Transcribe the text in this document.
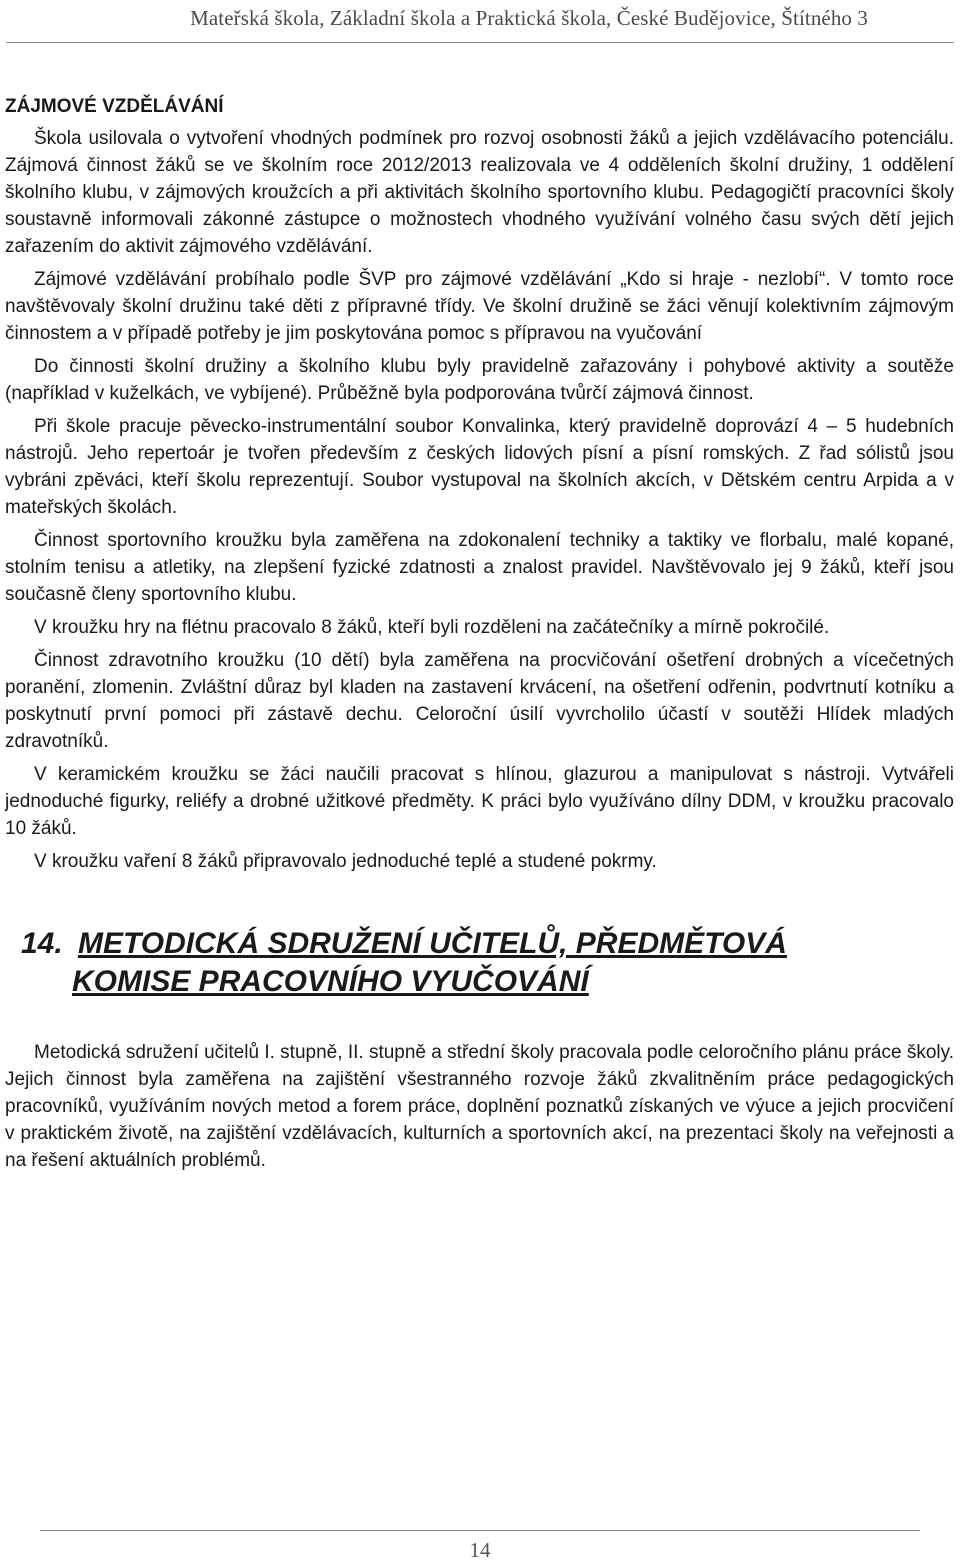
Mateřská škola, Základní škola a Praktická škola, České Budějovice, Štítného 3
ZÁJMOVÉ VZDĚLÁVÁNÍ

Škola usilovala o vytvoření vhodných podmínek pro rozvoj osobnosti žáků a jejich vzdělávacího potenciálu. Zájmová činnost žáků se ve školním roce 2012/2013 realizovala ve 4 odděleních školní družiny, 1 oddělení školního klubu, v zájmových kroužcích a při aktivitách školního sportovního klubu. Pedagogičtí pracovníci školy soustavně informovali zákonné zástupce o možnostech vhodného využívání volného času svých dětí jejich zařazením do aktivit zájmového vzdělávání.

Zájmové vzdělávání probíhalo podle ŠVP pro zájmové vzdělávání „Kdo si hraje - nezlobí“. V tomto roce navštěvovaly školní družinu také děti z přípravné třídy. Ve školní družině se žáci věnují kolektivním zájmovým činnostem a v případě potřeby je jim poskytována pomoc s přípravou na vyučování

Do činnosti školní družiny a školního klubu byly pravidelně zařazovány i pohybové aktivity a soutěže (například v kuželkách, ve vybíjené). Průběžně byla podporována tvůrčí zájmová činnost.

Při škole pracuje pěvecko-instrumentální soubor Konvalinka, který pravidelně doprovází 4 – 5 hudebních nástrojů. Jeho repertoár je tvořen především z českých lidových písní a písní romských. Z řad sólistů jsou vybráni zpěváci, kteří školu reprezentují. Soubor vystupoval na školních akcích, v Dětském centru Arpida a v mateřských školách.

Činnost sportovního kroužku byla zaměřena na zdokonalení techniky a taktiky ve florbalu, malé kopané, stolním tenisu a atletiky, na zlepšení fyzické zdatnosti a znalost pravidel. Navštěvovalo jej 9 žáků, kteří jsou současně členy sportovního klubu.

V kroužku hry na flétnu pracovalo 8 žáků, kteří byli rozděleni na začátečníky a mírně pokročilé.

Činnost zdravotního kroužku (10 dětí) byla zaměřena na procvičování ošetření drobných a vícečetných poranění, zlomenin. Zvláštní důraz byl kladen na zastavení krvácení, na ošetření odřenin, podvrtnutí kotníku a poskytnutí první pomoci při zástavě dechu. Celoroční úsilí vyvrcholilo účastí v soutěži Hlídek mladých zdravotníků.

V keramickém kroužku se žáci naučili pracovat s hlínou, glazurou a manipulovat s nástroji. Vytvářeli jednoduché figurky, reliéfy a drobné užitkové předměty. K práci bylo využíváno dílny DDM, v kroužku pracovalo 10 žáků.

V kroužku vaření 8 žáků připravovalo jednoduché teplé a studené pokrmy.

14. METODICKÁ SDRUŽENÍ UČITELŮ, PŘEDMĚTOVÁ
KOMISE PRACOVNÍHO VYUČOVÁNÍ

Metodická sdružení učitelů I. stupně, II. stupně a střední školy pracovala podle celoročního plánu práce školy. Jejich činnost byla zaměřena na zajištění všestranného rozvoje žáků zkvalitněním práce pedagogických pracovníků, využíváním nových metod a forem práce, doplnění poznatků získaných ve výuce a jejich procvičení v praktickém životě, na zajištění vzdělávacích, kulturních a sportovních akcí, na prezentaci školy na veřejnosti a na řešení aktuálních problémů.

14
